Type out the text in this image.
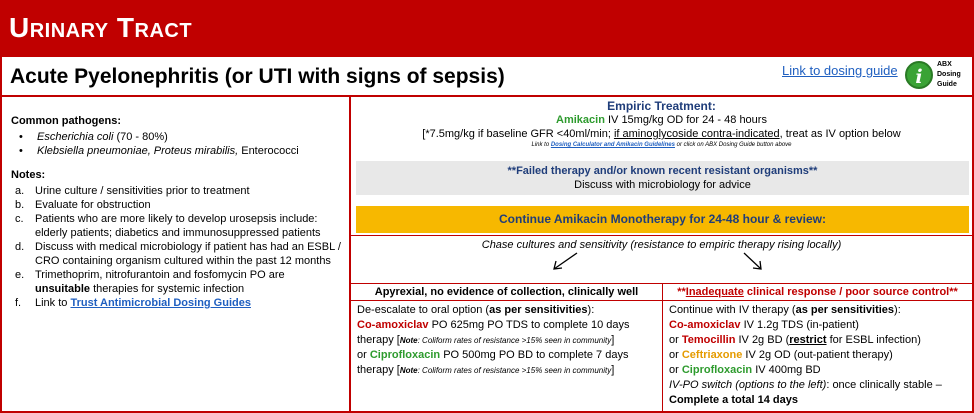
Urinary Tract
Acute Pyelonephritis (or UTI with signs of sepsis)	Link to dosing guide i
ABX
Dosing
Guide
Common pathogens:
• Escherichia coli (70 - 80%)
• Klebsiella pneumoniae, Proteus mirabilis, Enterococci
Notes:
a. Urine culture / sensitivities prior to treatment
b. Evaluate for obstruction
c.	Patients who are more likely to develop urosepsis include: elderly patients; diabetics and immunosuppressed patients
d. Discuss with medical microbiology if patient has had an ESBL / CRO containing organism cultured within the past 12 months
e. Trimethoprim, nitrofurantoin and fosfomycin PO are unsuitable therapies for systemic infection
f.	Link to Trust Antimicrobial Dosing Guides
Empiric Treatment:
Amikacin IV 15mg/kg OD for 24 - 48 hours
[*7.5mg/kg if baseline GFR <40ml/min; if aminoglycoside contra-indicated, treat as IV option below
Link to Dosing Calculator and Amikacin Guidelines or click on ABX Dosing Guide button above
**Failed therapy and/or known recent resistant organisms**
Discuss with microbiology for advice
Continue Amikacin Monotherapy for 24-48 hour & review:
Chase cultures and sensitivity (resistance to empiric therapy rising locally)
Apyrexial, no evidence of collection, clinically well
De-escalate to oral option (as per sensitivities):
Co-amoxiclav PO 625mg PO TDS to complete 10 days
therapy [Note: Coliform rates of resistance >15% seen in community]
or Ciprofloxacin PO 500mg PO BD to complete 7 days
therapy [Note: Coliform rates of resistance >15% seen in community]
**Inadequate clinical response / poor source control**
Continue with IV therapy (as per sensitivities):
Co-amoxiclav IV 1.2g TDS (in-patient)
or Temocillin IV 2g BD (restrict for ESBL infection)
or Ceftriaxone IV 2g OD (out-patient therapy)
or Ciprofloxacin IV 400mg BD
IV-PO switch (options to the left): once clinically stable –
Complete a total 14 days
